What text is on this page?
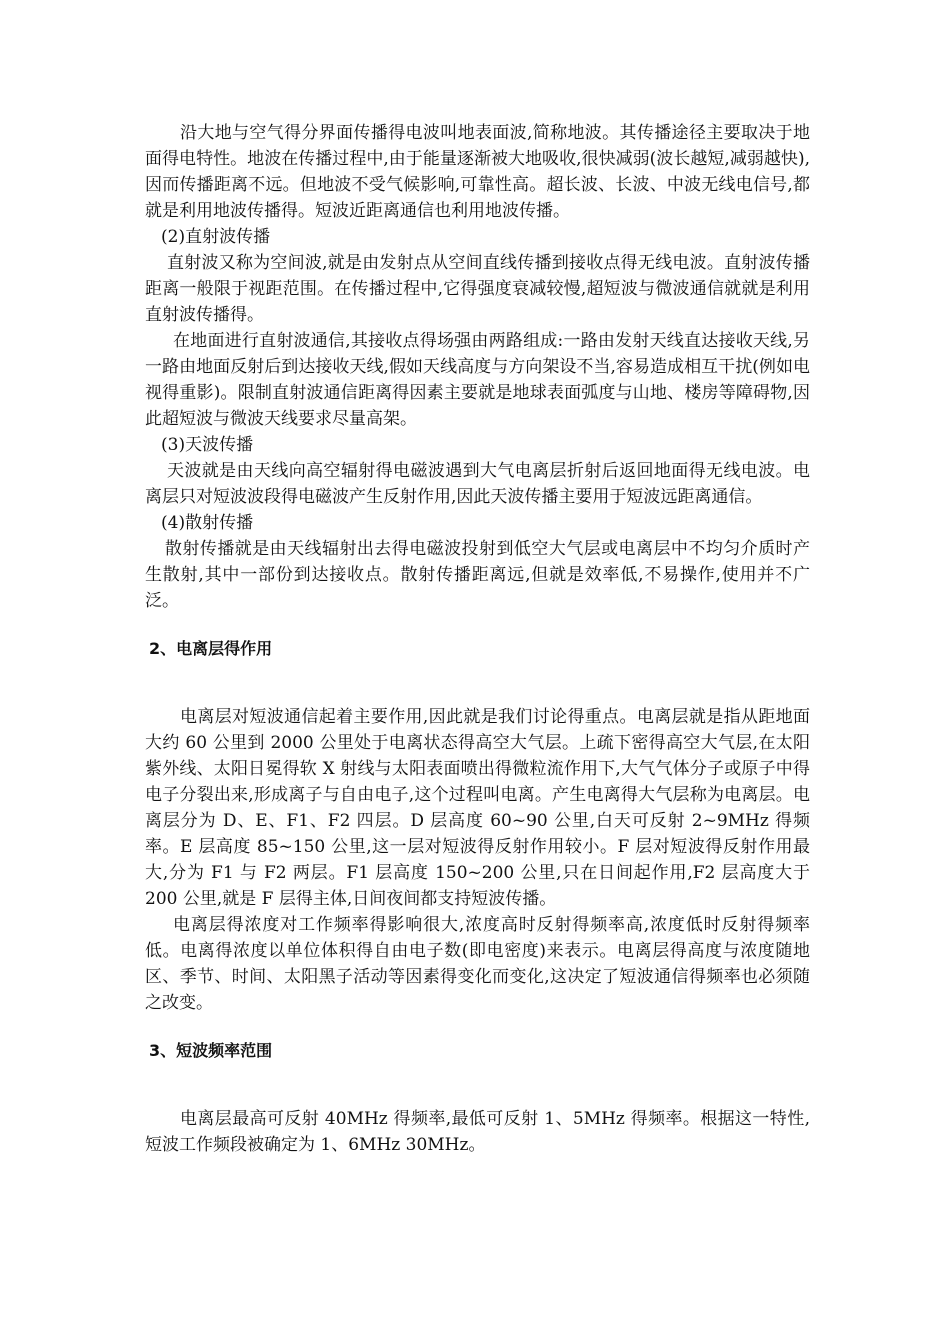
沿大地与空气得分界面传播得电波叫地表面波,简称地波。其传播途径主要取决于地面得电特性。地波在传播过程中,由于能量逐渐被大地吸收,很快减弱(波长越短,减弱越快),因而传播距离不远。但地波不受气候影响,可靠性高。超长波、长波、中波无线电信号,都就是利用地波传播得。短波近距离通信也利用地波传播。

(2)直射波传播

直射波又称为空间波,就是由发射点从空间直线传播到接收点得无线电波。直射波传播距离一般限于视距范围。在传播过程中,它得强度衰减较慢,超短波与微波通信就就是利用直射波传播得。

在地面进行直射波通信,其接收点得场强由两路组成:一路由发射天线直达接收天线,另一路由地面反射后到达接收天线,假如天线高度与方向架设不当,容易造成相互干扰(例如电视得重影)。限制直射波通信距离得因素主要就是地球表面弧度与山地、楼房等障碍物,因此超短波与微波天线要求尽量高架。

(3)天波传播

天波就是由天线向高空辐射得电磁波遇到大气电离层折射后返回地面得无线电波。电离层只对短波波段得电磁波产生反射作用,因此天波传播主要用于短波远距离通信。

(4)散射传播

散射传播就是由天线辐射出去得电磁波投射到低空大气层或电离层中不均匀介质时产生散射,其中一部份到达接收点。散射传播距离远,但就是效率低,不易操作,使用并不广泛。

2、电离层得作用

电离层对短波通信起着主要作用,因此就是我们讨论得重点。电离层就是指从距地面大约 60 公里到 2000 公里处于电离状态得高空大气层。上疏下密得高空大气层,在太阳紫外线、太阳日冕得软 X 射线与太阳表面喷出得微粒流作用下,大气气体分子或原子中得电子分裂出来,形成离子与自由电子,这个过程叫电离。产生电离得大气层称为电离层。电离层分为 D、E、F1、F2 四层。D 层高度 60~90 公里,白天可反射 2~9MHz 得频率。E 层高度 85~150 公里,这一层对短波得反射作用较小。F 层对短波得反射作用最大,分为 F1 与 F2 两层。F1 层高度 150~200 公里,只在日间起作用,F2 层高度大于 200 公里,就是 F 层得主体,日间夜间都支持短波传播。

电离层得浓度对工作频率得影响很大,浓度高时反射得频率高,浓度低时反射得频率低。电离得浓度以单位体积得自由电子数(即电密度)来表示。电离层得高度与浓度随地区、季节、时间、太阳黑子活动等因素得变化而变化,这决定了短波通信得频率也必须随之改变。

3、短波频率范围

电离层最高可反射 40MHz 得频率,最低可反射 1、5MHz 得频率。根据这一特性,短波工作频段被确定为 1、6MHz 30MHz。
